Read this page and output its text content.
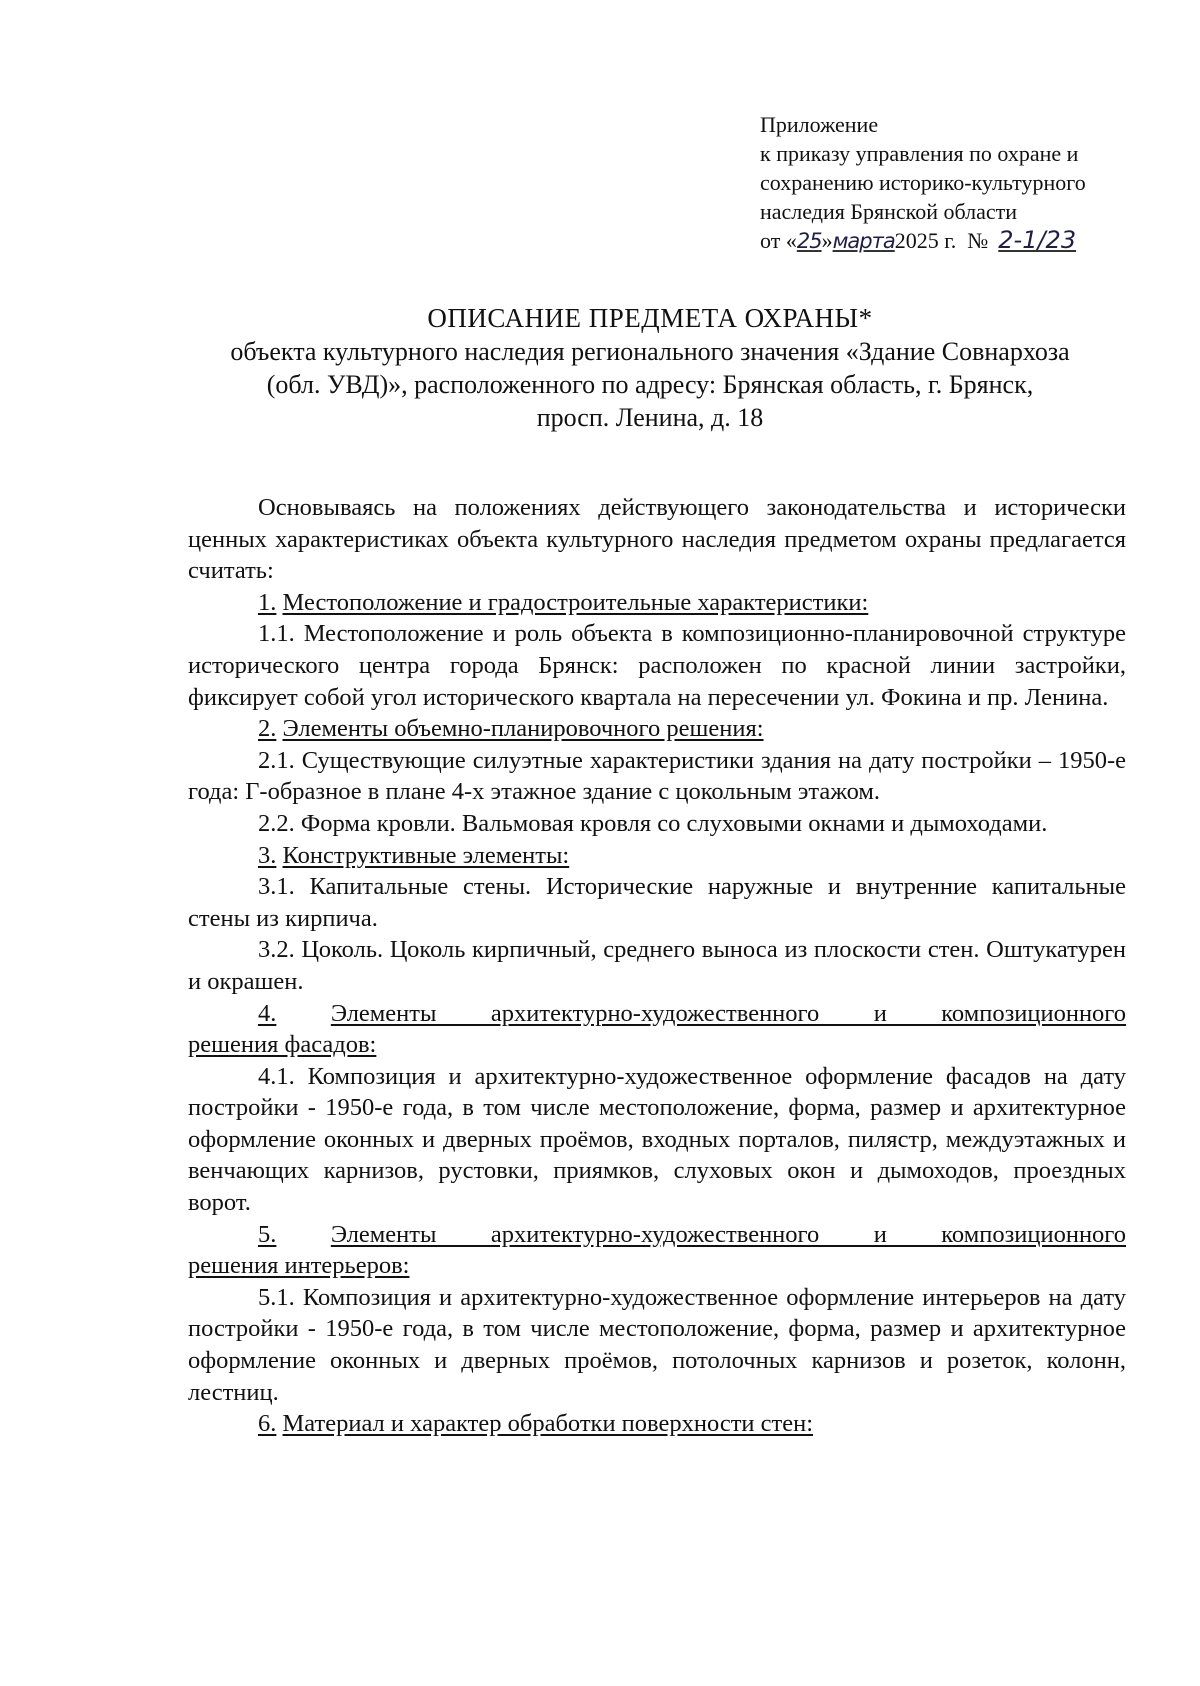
Приложение
к приказу управления по охране и
сохранению историко-культурного
наследия Брянской области
от «25»марта2025 г. № 2-1/23
ОПИСАНИЕ ПРЕДМЕТА ОХРАНЫ*
объекта культурного наследия регионального значения «Здание Совнархоза
(обл. УВД)», расположенного по адресу: Брянская область, г. Брянск,
просп. Ленина, д. 18

Основываясь на положениях действующего законодательства и исторически ценных характеристиках объекта культурного наследия предметом охраны предлагается считать:

1. Местоположение и градостроительные характеристики:

1.1. Местоположение и роль объекта в композиционно-планировочной структуре исторического центра города Брянск: расположен по красной линии застройки, фиксирует собой угол исторического квартала на пересечении ул. Фокина и пр. Ленина.

2. Элементы объемно-планировочного решения:

2.1. Существующие силуэтные характеристики здания на дату постройки – 1950-е года: Г-образное в плане 4-х этажное здание с цокольным этажом.

2.2. Форма кровли. Вальмовая кровля со слуховыми окнами и дымоходами.

3. Конструктивные элементы:

3.1. Капитальные стены. Исторические наружные и внутренние капитальные стены из кирпича.

3.2. Цоколь. Цоколь кирпичный, среднего выноса из плоскости стен. Оштукатурен и окрашен.

4. Элементы архитектурно-художественного и композиционного

решения фасадов:

4.1. Композиция и архитектурно-художественное оформление фасадов на дату постройки - 1950-е года, в том числе местоположение, форма, размер и архитектурное оформление оконных и дверных проёмов, входных порталов, пилястр, междуэтажных и венчающих карнизов, рустовки, приямков, слуховых окон и дымоходов, проездных ворот.

5. Элементы архитектурно-художественного и композиционного

решения интерьеров:

5.1. Композиция и архитектурно-художественное оформление интерьеров на дату постройки - 1950-е года, в том числе местоположение, форма, размер и архитектурное оформление оконных и дверных проёмов, потолочных карнизов и розеток, колонн, лестниц.

6. Материал и характер обработки поверхности стен:
